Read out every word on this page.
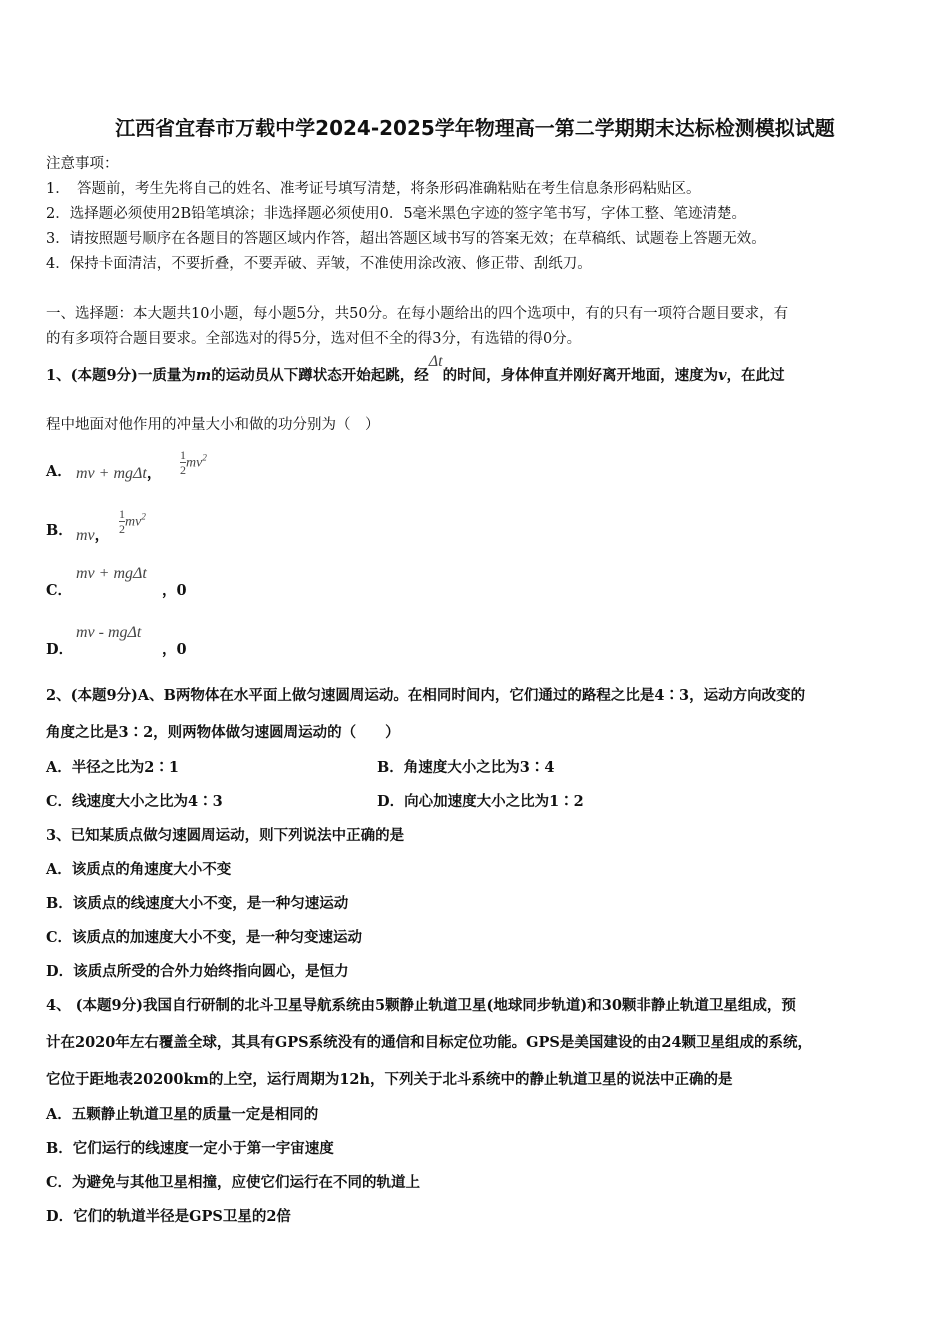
江西省宜春市万载中学2024-2025学年物理高一第二学期期末达标检测模拟试题
注意事项：
1．　答题前，考生先将自己的姓名、准考证号填写清楚，将条形码准确粘贴在考生信息条形码粘贴区。
2．选择题必须使用2B铅笔填涂；非选择题必须使用0．5毫米黑色字迹的签字笔书写，字体工整、笔迹清楚。
3．请按照题号顺序在各题目的答题区域内作答，超出答题区域书写的答案无效；在草稿纸、试题卷上答题无效。
4．保持卡面清洁，不要折叠，不要弄破、弄皱，不准使用涂改液、修正带、刮纸刀。
一、选择题：本大题共10小题，每小题5分，共50分。在每小题给出的四个选项中，有的只有一项符合题目要求，有
的有多项符合题目要求。全部选对的得5分，选对但不全的得3分，有选错的得0分。
1、(本题9分)一质量为m的运动员从下蹲状态开始起跳，经Δt的时间，身体伸直并刚好离开地面，速度为v，在此过
程中地面对他作用的冲量大小和做的功分别为（　）
A． mv + mgΔt， $\frac{1}{2} mv^2$
B． mv， $\frac{1}{2} mv^2$
C．
mv + mgΔt
，0
D．
mv - mgΔt
，0
2、(本题9分)A、B两物体在水平面上做匀速圆周运动。在相同时间内，它们通过的路程之比是4∶3，运动方向改变的
角度之比是3∶2，则两物体做匀速圆周运动的（　　）
A．半径之比为2∶1	B．角速度大小之比为3∶4
C．线速度大小之比为4∶3	D．向心加速度大小之比为1∶2
3、已知某质点做匀速圆周运动，则下列说法中正确的是
A．该质点的角速度大小不变
B．该质点的线速度大小不变，是一种匀速运动
C．该质点的加速度大小不变，是一种匀变速运动
D．该质点所受的合外力始终指向圆心，是恒力
4、 (本题9分)我国自行研制的北斗卫星导航系统由5颗静止轨道卫星(地球同步轨道)和30颗非静止轨道卫星组成，预
计在2020年左右覆盖全球，其具有GPS系统没有的通信和目标定位功能。GPS是美国建设的由24颗卫星组成的系统，
它位于距地表20200km的上空，运行周期为12h，下列关于北斗系统中的静止轨道卫星的说法中正确的是
A．五颗静止轨道卫星的质量一定是相同的
B．它们运行的线速度一定小于第一宇宙速度
C．为避免与其他卫星相撞，应使它们运行在不同的轨道上
D．它们的轨道半径是GPS卫星的2倍
